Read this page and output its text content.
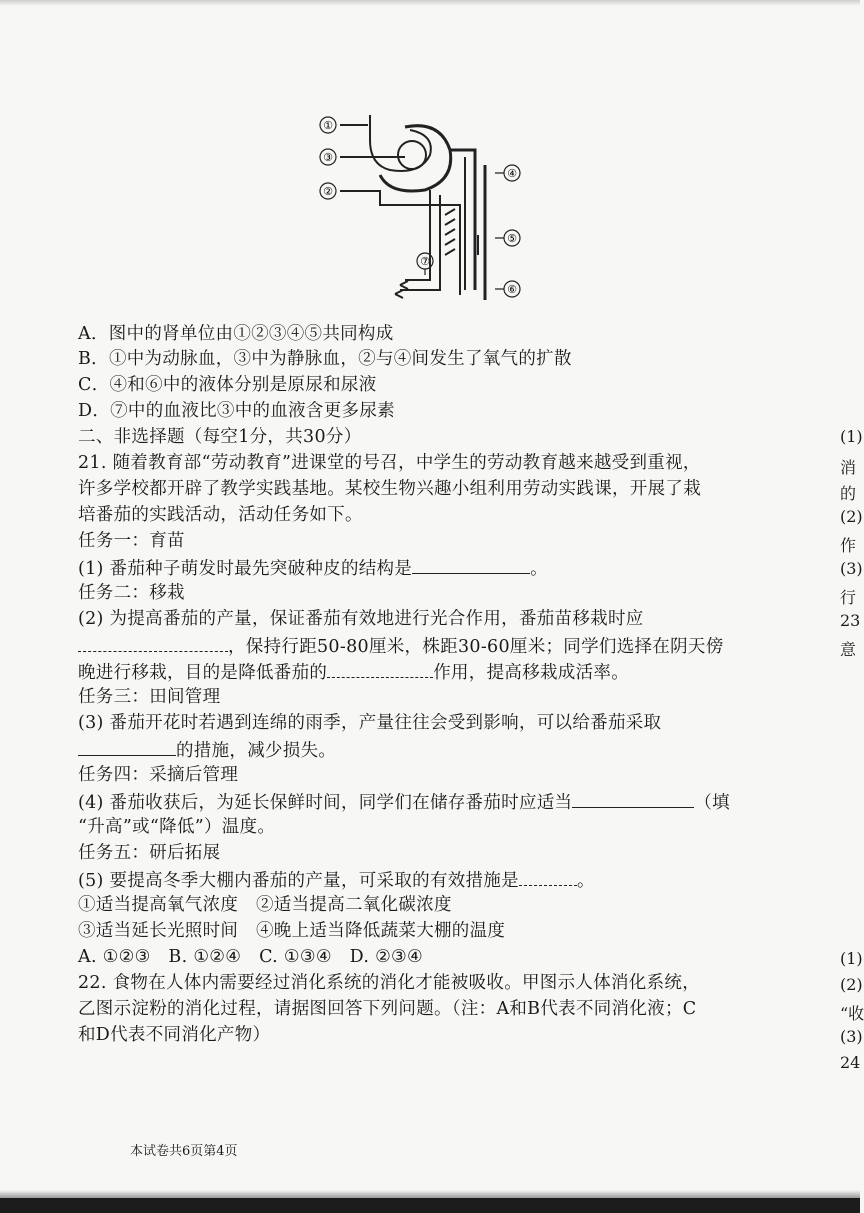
①
③
②
④
⑤
⑦
⑥
A．图中的肾单位由①②③④⑤共同构成
B．①中为动脉血，③中为静脉血，②与④间发生了氧气的扩散
C．④和⑥中的液体分别是原尿和尿液
D．⑦中的血液比③中的血液含更多尿素
二、非选择题（每空1分，共30分）
21. 随着教育部“劳动教育”进课堂的号召，中学生的劳动教育越来越受到重视，
许多学校都开辟了教学实践基地。某校生物兴趣小组利用劳动实践课，开展了栽
培番茄的实践活动，活动任务如下。
任务一：育苗
(1) 番茄种子萌发时最先突破种皮的结构是	。
任务二：移栽
(2) 为提高番茄的产量，保证番茄有效地进行光合作用，番茄苗移栽时应
，保持行距50-80厘米，株距30-60厘米；同学们选择在阴天傍
晚进行移栽，目的是降低番茄的	作用，提高移栽成活率。
任务三：田间管理
(3) 番茄开花时若遇到连绵的雨季，产量往往会受到影响，可以给番茄采取
的措施，减少损失。
任务四：采摘后管理
(4) 番茄收获后，为延长保鲜时间，同学们在储存番茄时应适当	（填
“升高”或“降低”）温度。
任务五：研后拓展
(5) 要提高冬季大棚内番茄的产量，可采取的有效措施是	。
①适当提高氧气浓度　②适当提高二氧化碳浓度
③适当延长光照时间　④晚上适当降低蔬菜大棚的温度
A. ①②③　B. ①②④　C. ①③④　D. ②③④
22. 食物在人体内需要经过消化系统的消化才能被吸收。甲图示人体消化系统，
乙图示淀粉的消化过程，请据图回答下列问题。（注：A和B代表不同消化液；C
和D代表不同消化产物）
(1)
消
的
(2)
作
(3)
行
23
意
(1)
(2)
“收
(3)
24
本试卷共6页第4页
